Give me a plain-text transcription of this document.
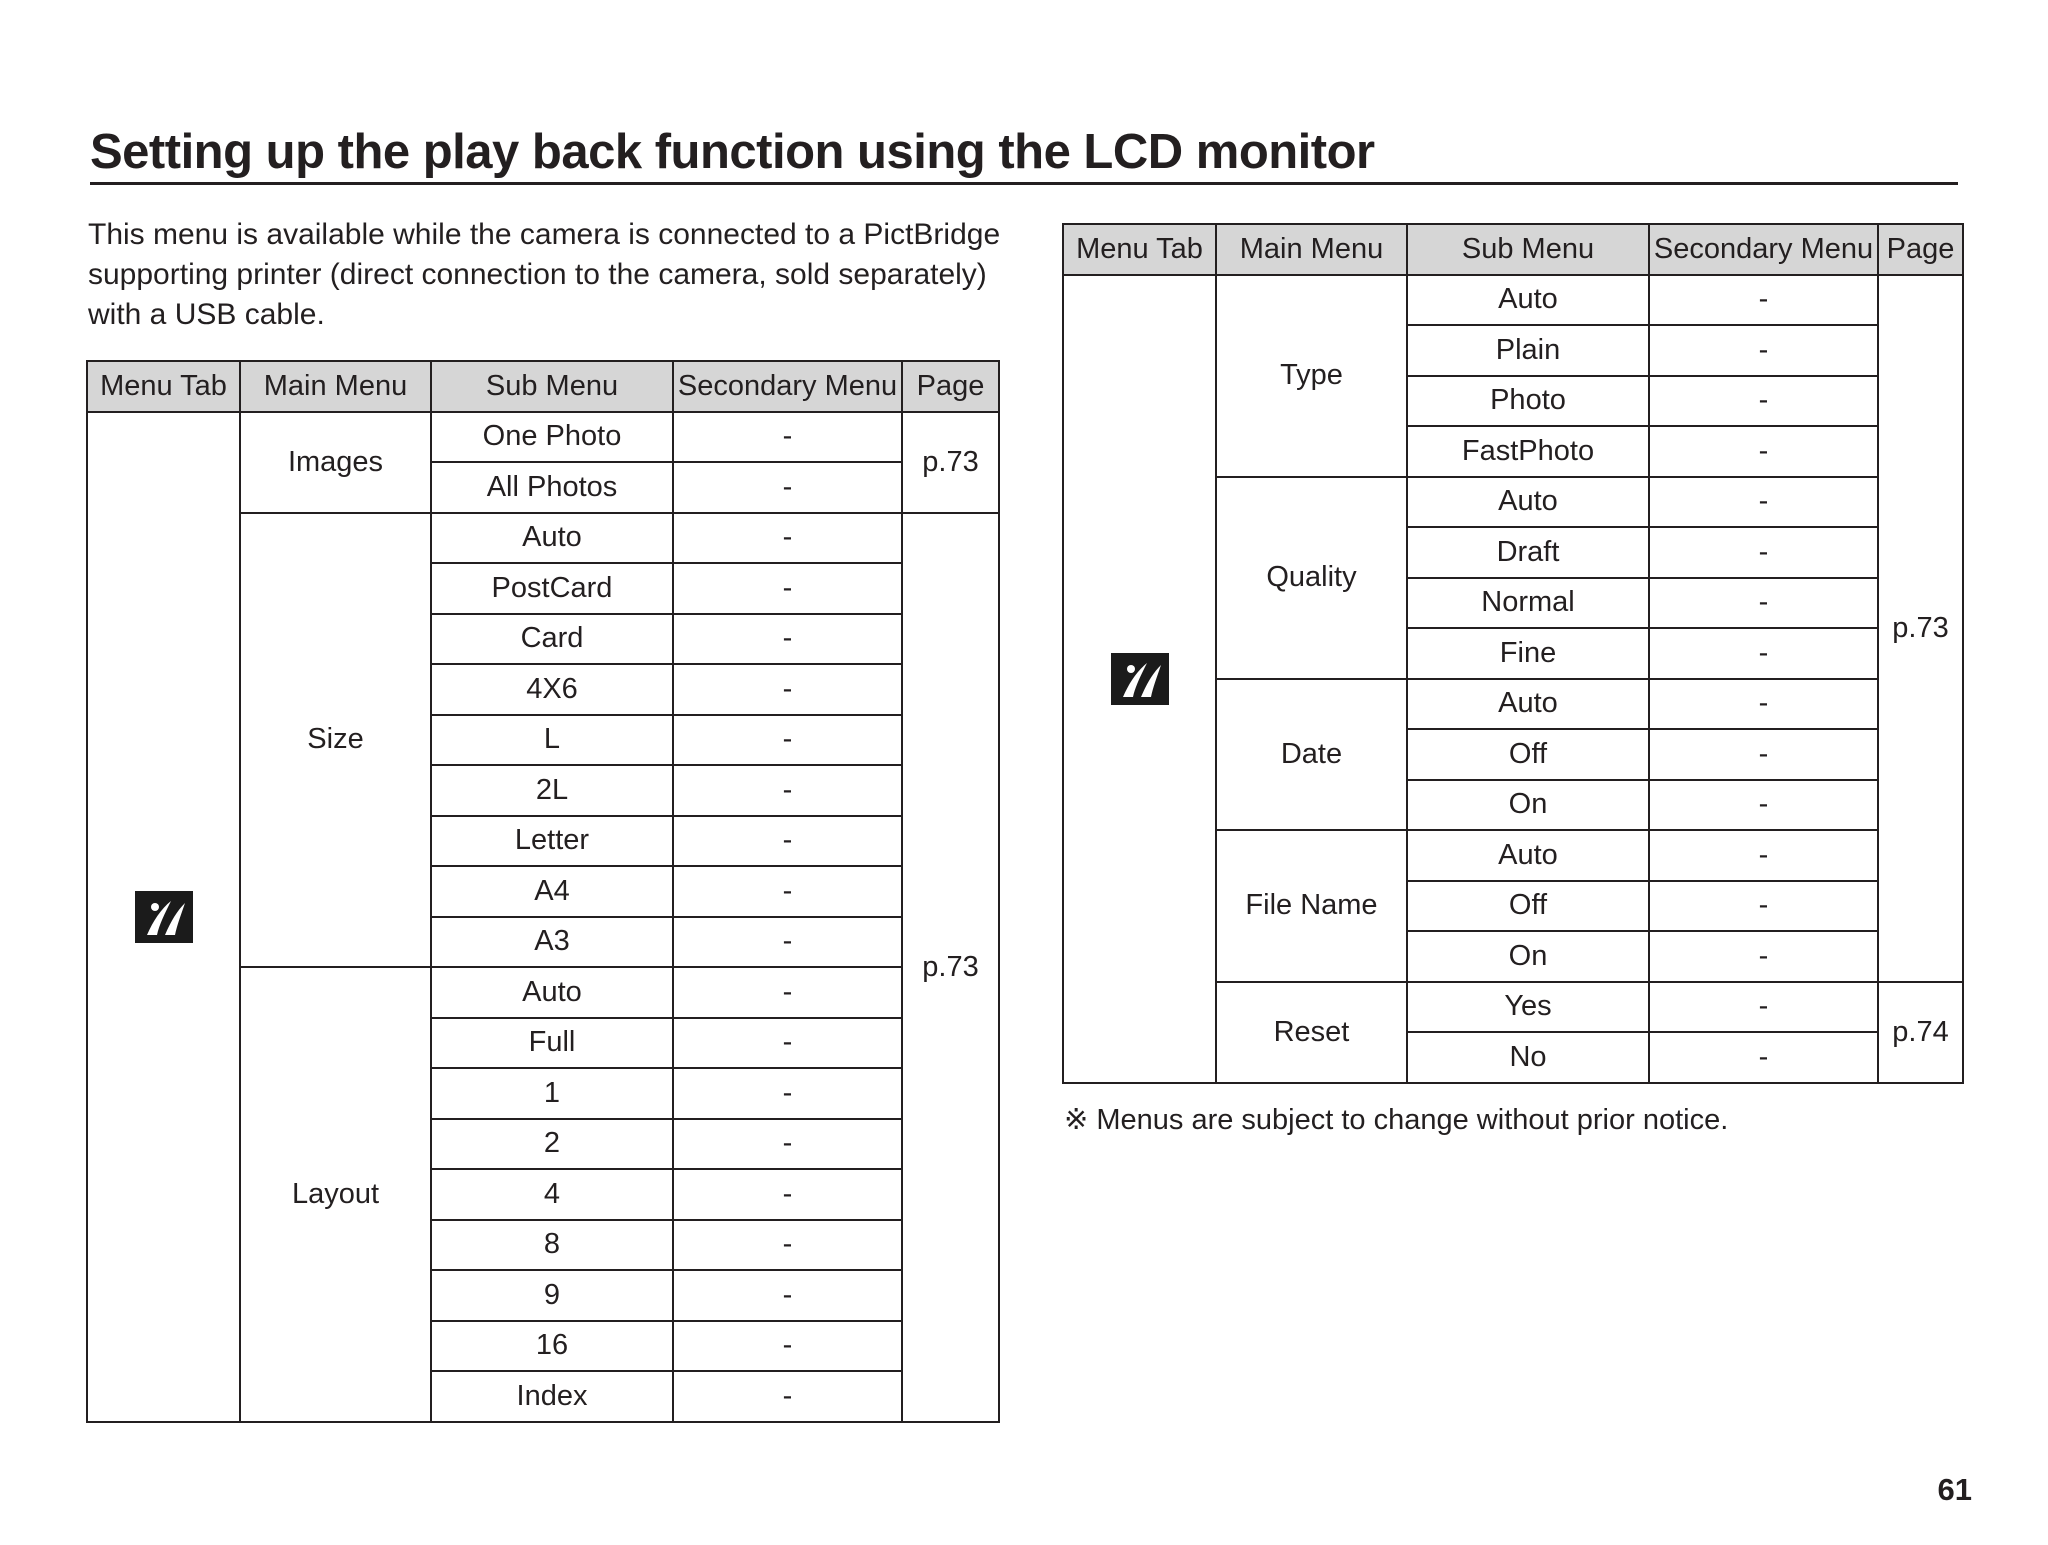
Setting up the play back function using the LCD monitor

This menu is available while the camera is connected to a PictBridge supporting printer (direct connection to the camera, sold separately) with a USB cable.

Menu Tab	Main Menu	Sub Menu	Secondary Menu	Page

	Images	One Photo	-	p.73
		All Photos	-	
	Size	Auto	-	p.73
		PostCard	-	
		Card	-	
		4X6	-	
		L	-	
		2L	-	
		Letter	-	
		A4	-	
		A3	-	
	Layout	Auto	-	
		Full	-	
		1	-	
		2	-	
		4	-	
		8	-	
		9	-	
		16	-	
		Index	-	
Menu Tab	Main Menu	Sub Menu	Secondary Menu	Page

	Type	Auto	-	p.73
		Plain	-	
		Photo	-	
		FastPhoto	-	
	Quality	Auto	-	
		Draft	-	
		Normal	-	
		Fine	-	
	Date	Auto	-	
		Off	-	
		On	-	
	File Name	Auto	-	
		Off	-	
		On	-	
	Reset	Yes	-	p.74
		No	-	

※ Menus are subject to change without prior notice.

61
